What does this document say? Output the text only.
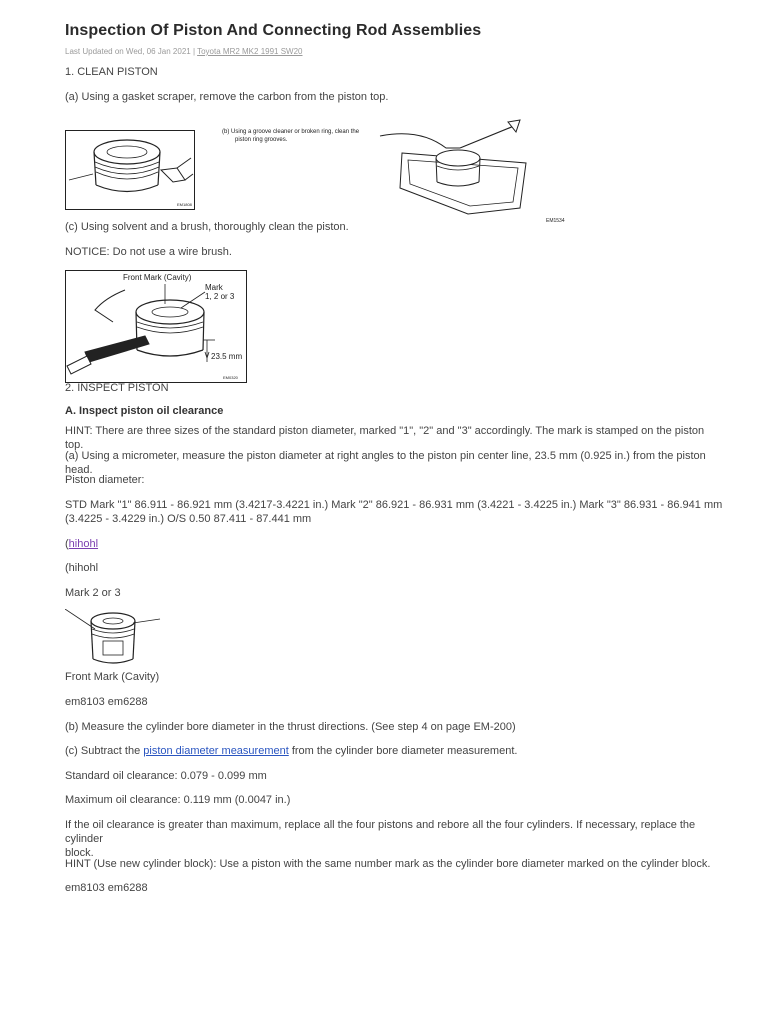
Inspection Of Piston And Connecting Rod Assemblies
Last Updated on Wed, 06 Jan 2021 | Toyota MR2 MK2 1991 SW20
1. CLEAN PISTON
(a) Using a gasket scraper, remove the carbon from the piston top.
EM1808
(b) Using a groove cleaner or broken ring, clean the
piston ring grooves.
EM1534
(c) Using solvent and a brush, thoroughly clean the piston.
NOTICE: Do not use a wire brush.
Front Mark (Cavity)
Mark
1, 2 or 3
23.5 mm
EM0320
2. INSPECT PISTON
A. Inspect piston oil clearance
HINT: There are three sizes of the standard piston diameter, marked "1", "2" and "3" accordingly. The mark is stamped on the piston top.
(a) Using a micrometer, measure the piston diameter at right angles to the piston pin center line, 23.5 mm (0.925 in.) from the piston head.
Piston diameter:
STD Mark "1" 86.911 - 86.921 mm (3.4217-3.4221 in.) Mark "2" 86.921 - 86.931 mm (3.4221 - 3.4225 in.) Mark "3" 86.931 - 86.941 mm
(3.4225 - 3.4229 in.) O/S 0.50 87.411 - 87.441 mm
(hihohl
(hihohl
Mark 2 or 3
Front Mark (Cavity)
em8103 em6288
(b) Measure the cylinder bore diameter in the thrust directions. (See step 4 on page EM-200)
(c) Subtract the piston diameter measurement from the cylinder bore diameter measurement.
Standard oil clearance: 0.079 - 0.099 mm
Maximum oil clearance: 0.119 mm (0.0047 in.)
If the oil clearance is greater than maximum, replace all the four pistons and rebore all the four cylinders. If necessary, replace the cylinder
block.
HINT (Use new cylinder block): Use a piston with the same number mark as the cylinder bore diameter marked on the cylinder block.
em8103 em6288
